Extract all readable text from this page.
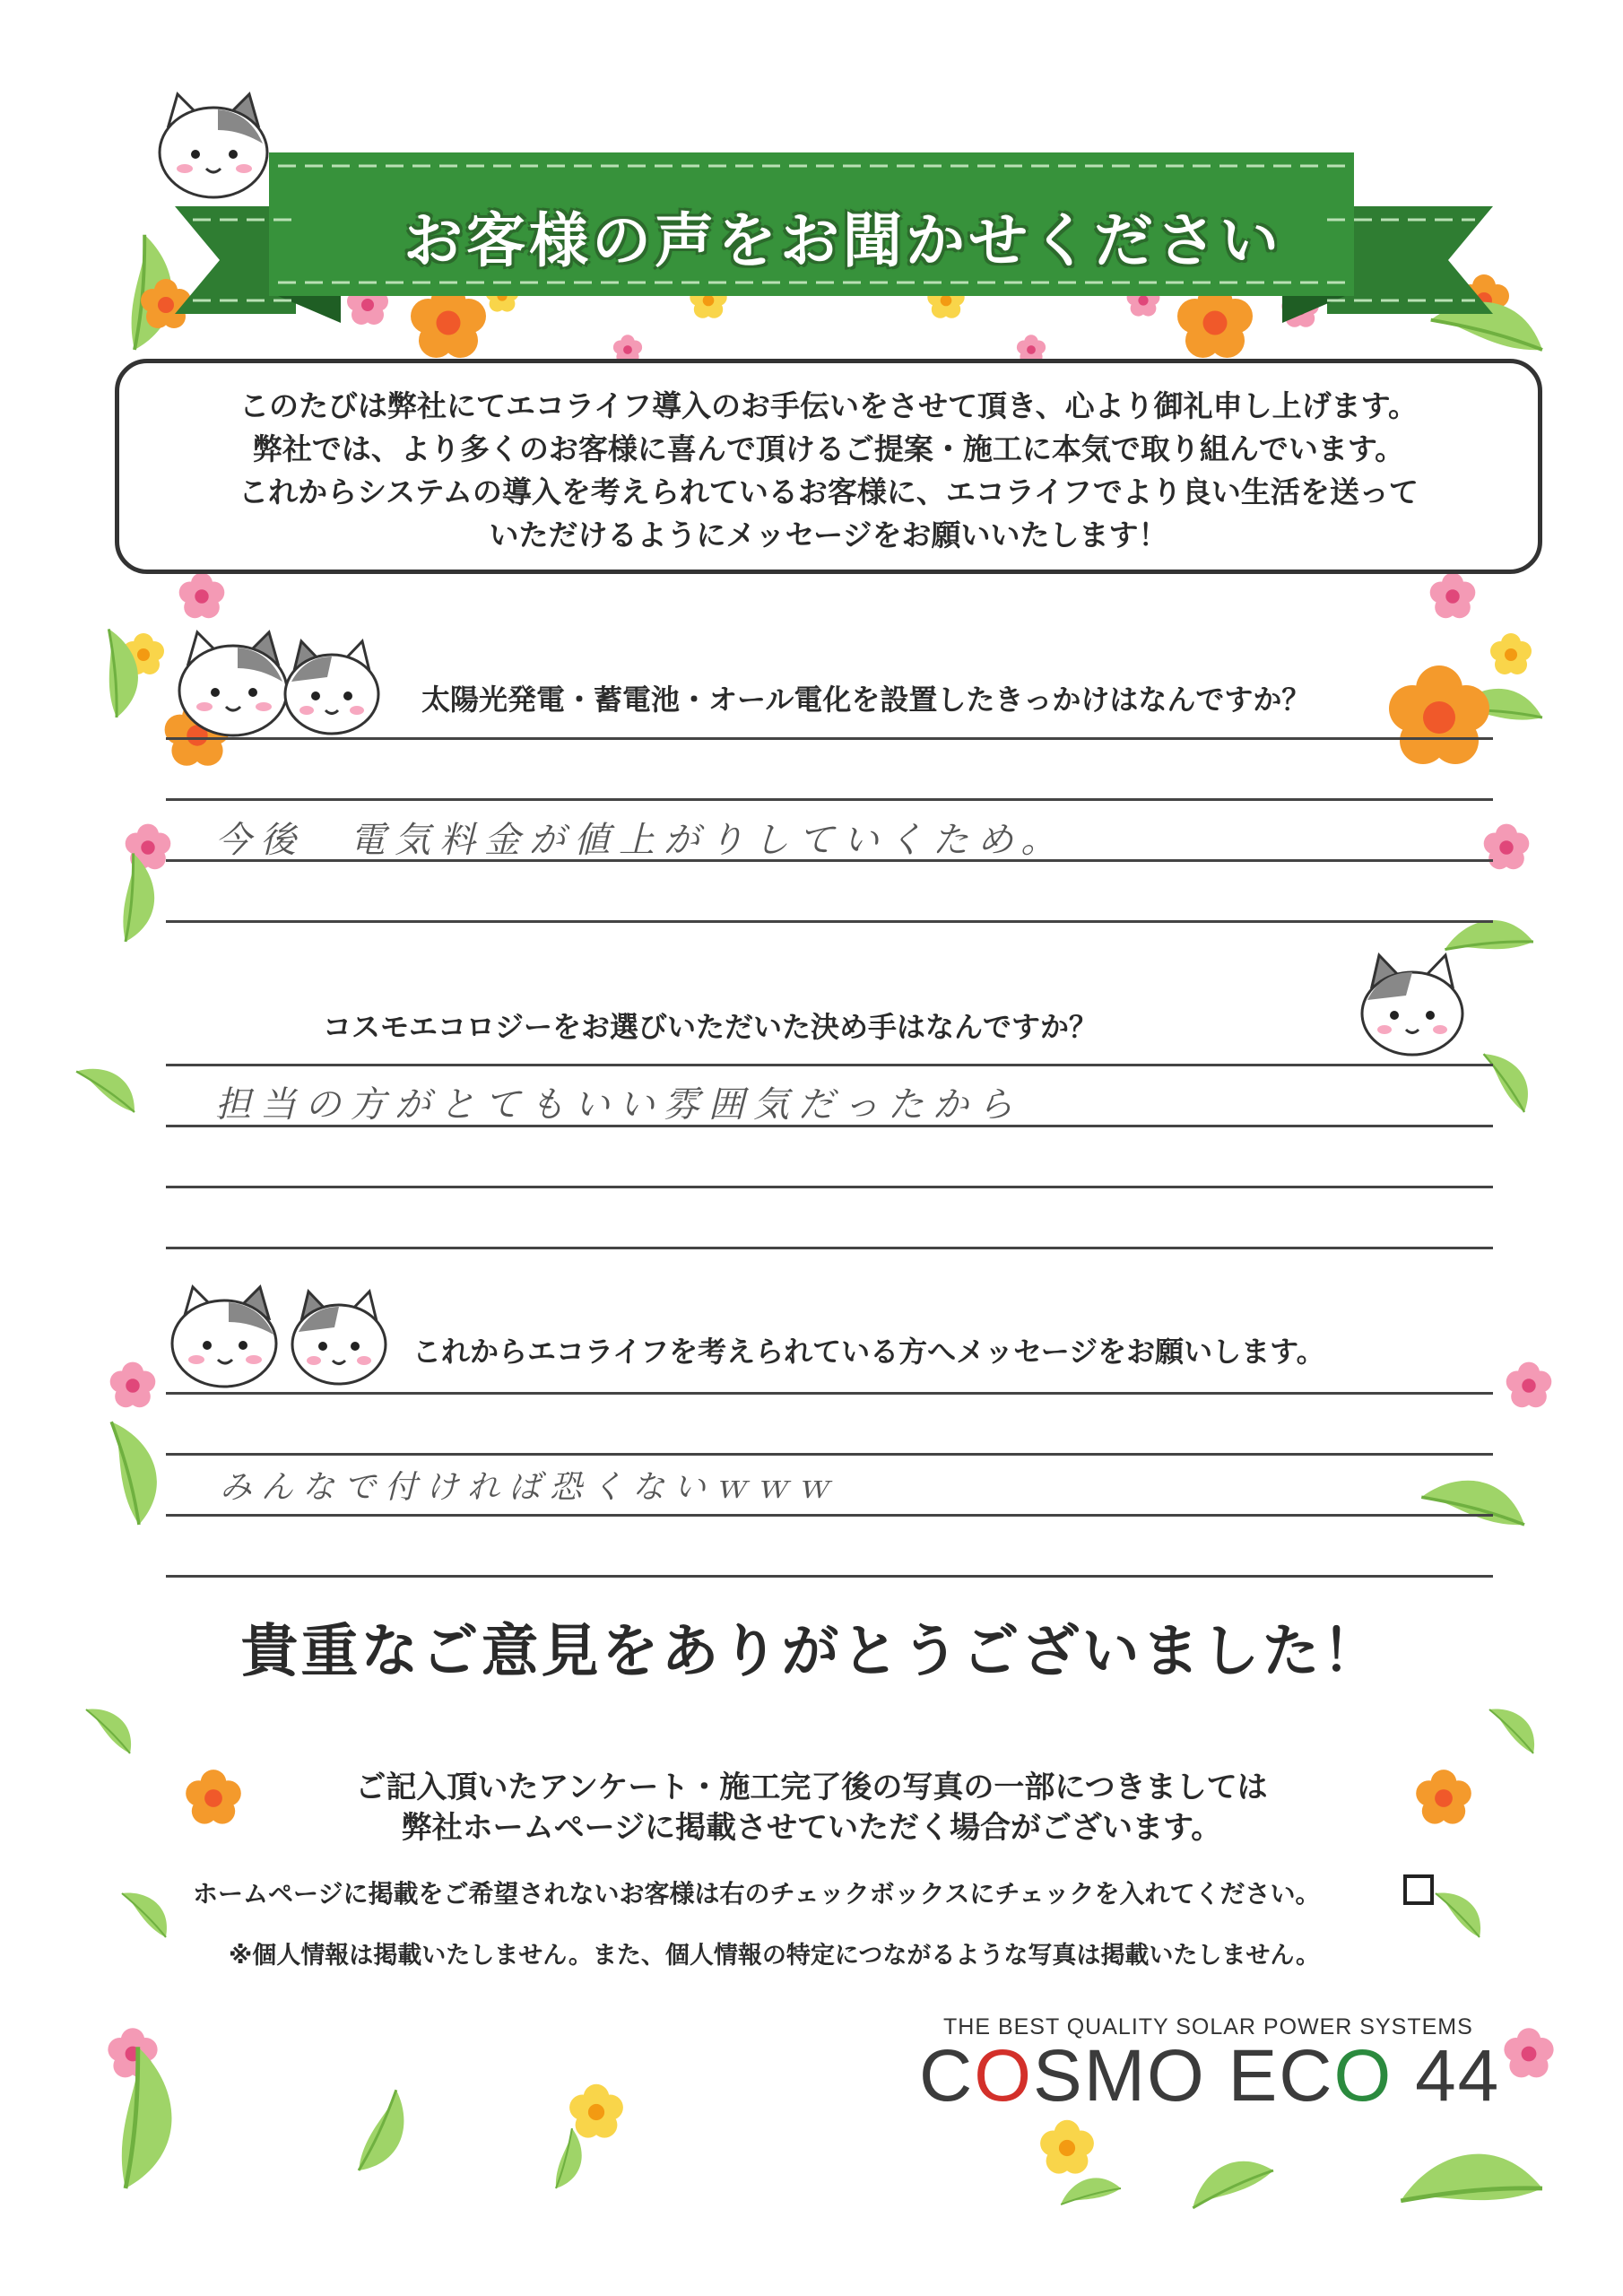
お客様の声をお聞かせください
このたびは弊社にてエコライフ導入のお手伝いをさせて頂き、心より御礼申し上げます。
弊社では、より多くのお客様に喜んで頂けるご提案・施工に本気で取り組んでいます。
これからシステムの導入を考えられているお客様に、エコライフでより良い生活を送って
いただけるようにメッセージをお願いいたします！
太陽光発電・蓄電池・オール電化を設置したきっかけはなんですか？
今後　電気料金が値上がりしていくため。
コスモエコロジーをお選びいただいた決め手はなんですか？
担当の方がとてもいい雰囲気だったから
これからエコライフを考えられている方へメッセージをお願いします。
みんなで付ければ恐くないｗｗｗ
貴重なご意見をありがとうございました！
ご記入頂いたアンケート・施工完了後の写真の一部につきましては
弊社ホームページに掲載させていただく場合がございます。
ホームページに掲載をご希望されないお客様は右のチェックボックスにチェックを入れてください。
※個人情報は掲載いたしません。また、個人情報の特定につながるような写真は掲載いたしません。
THE BEST QUALITY SOLAR POWER SYSTEMS
COSMO ECO 44
